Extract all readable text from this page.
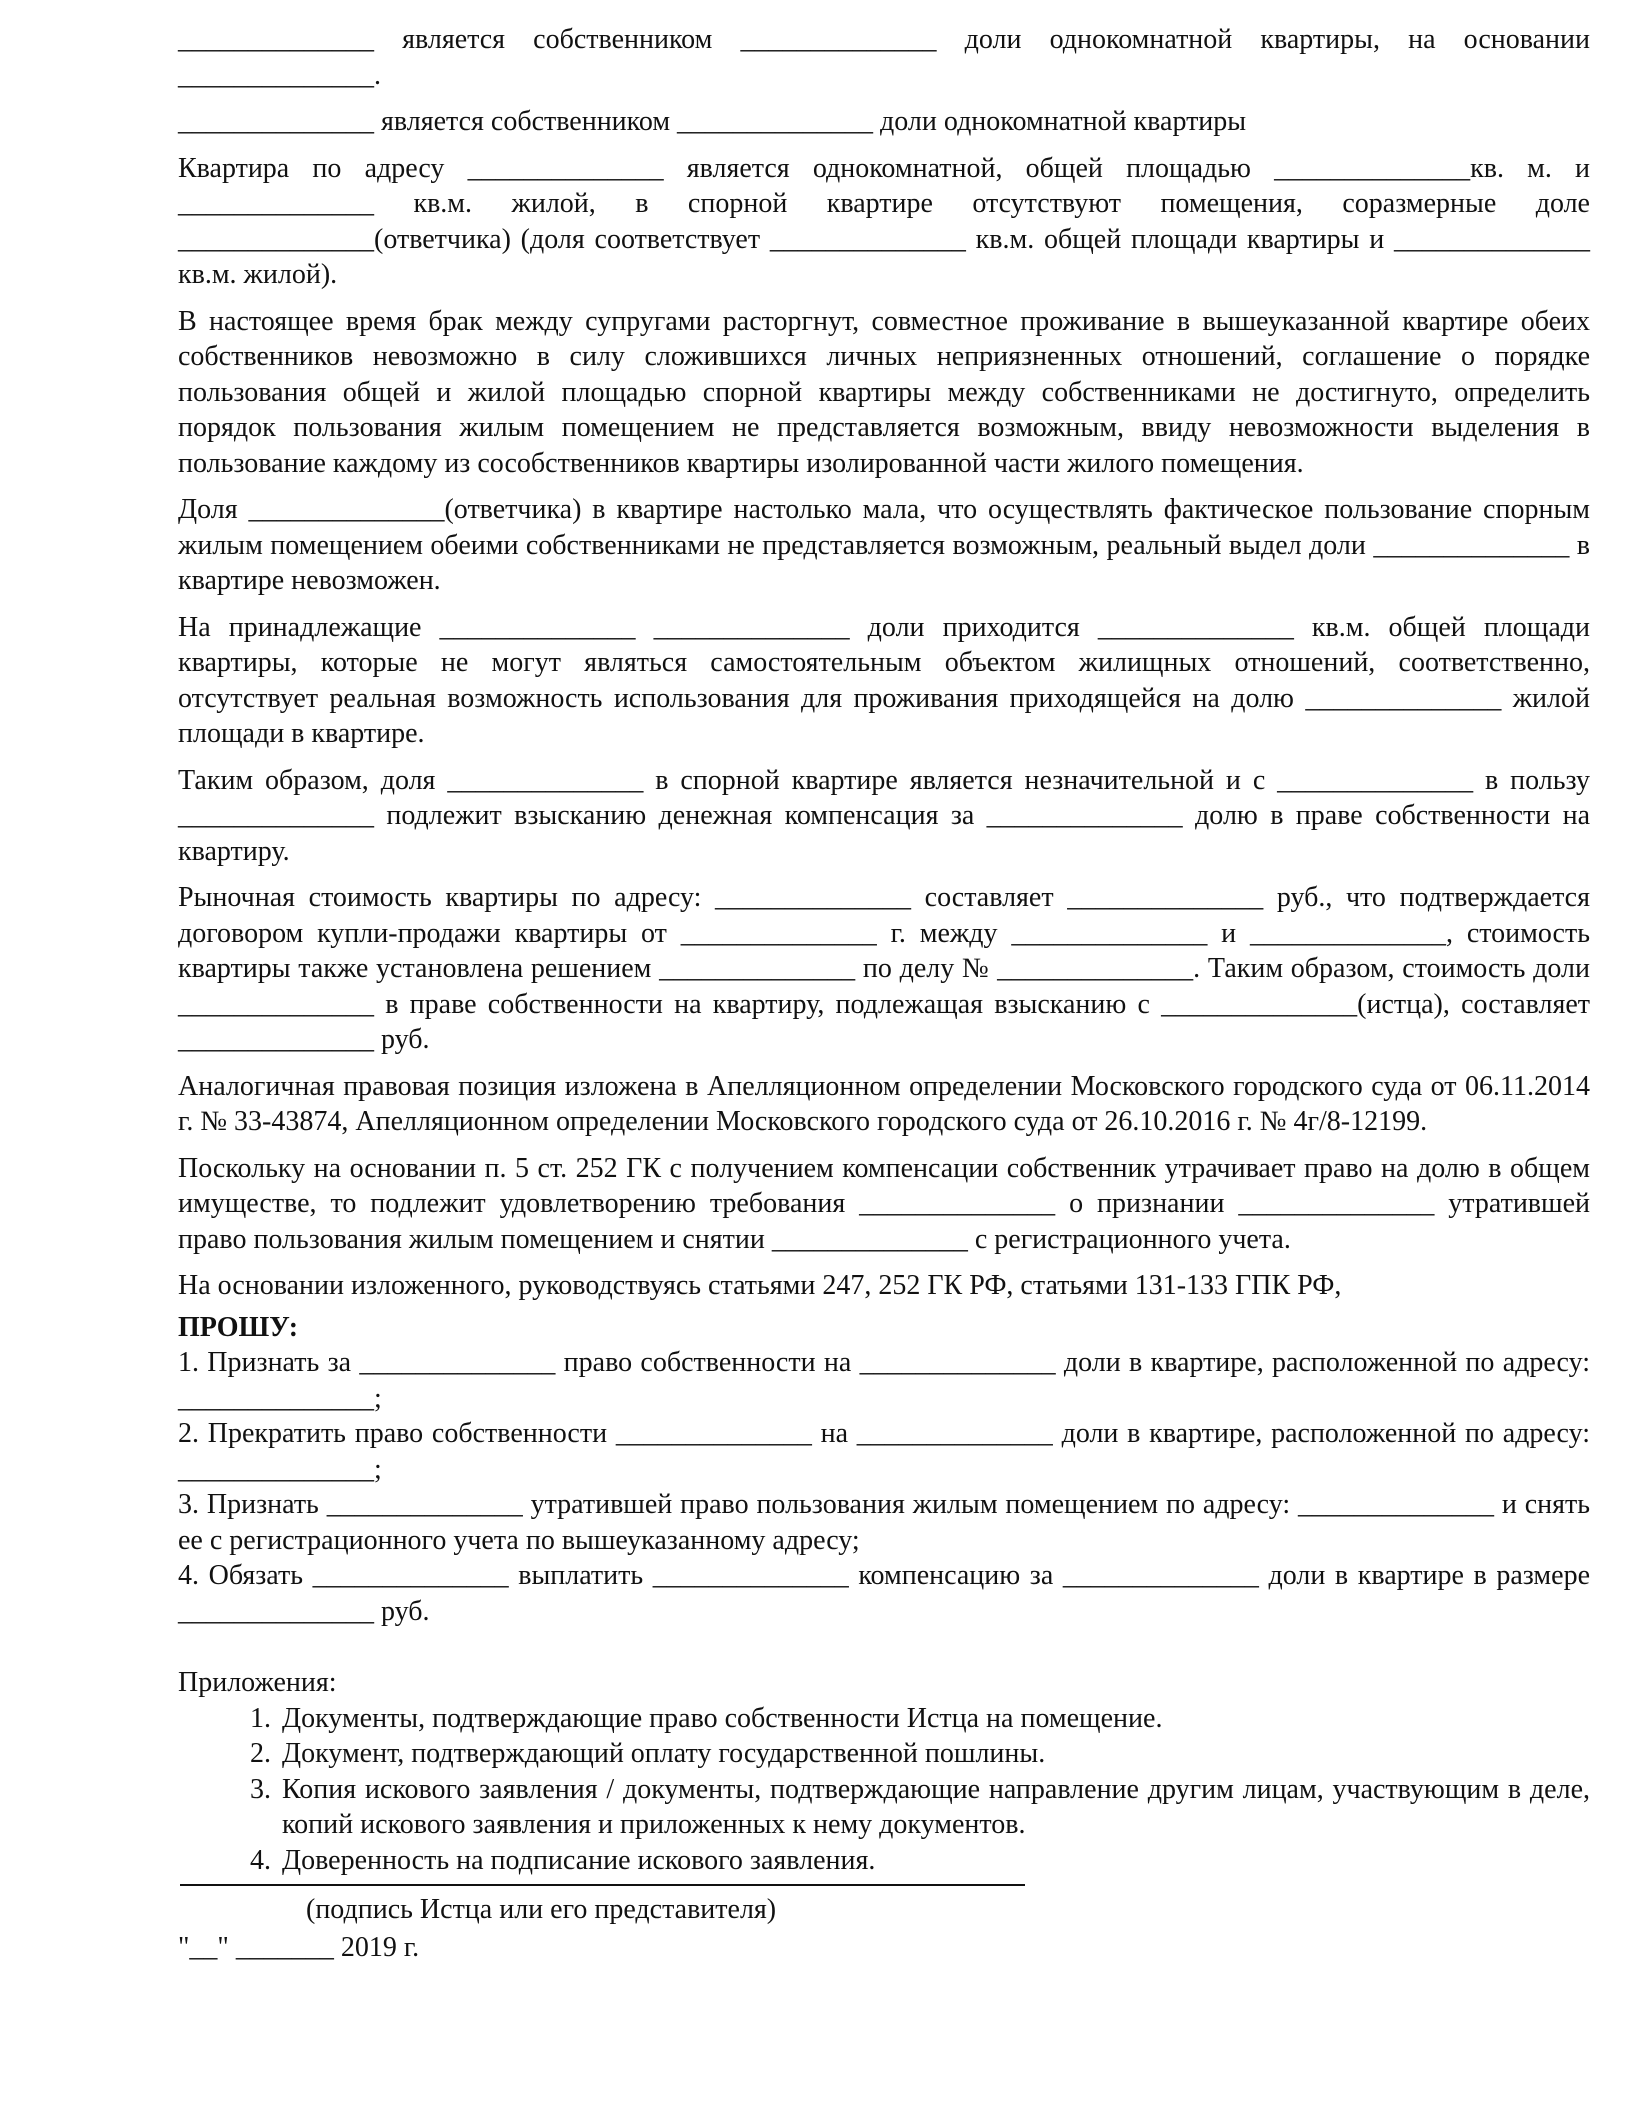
______________ является собственником ______________ доли однокомнатной квартиры, на основании ______________.

______________ является собственником ______________ доли однокомнатной квартиры

Квартира по адресу ______________ является однокомнатной, общей площадью ______________кв. м. и ______________ кв.м. жилой, в спорной квартире отсутствуют помещения, соразмерные доле ______________(ответчика) (доля соответствует ______________ кв.м. общей площади квартиры и ______________ кв.м. жилой).

В настоящее время брак между супругами расторгнут, совместное проживание в вышеуказанной квартире обеих собственников невозможно в силу сложившихся личных неприязненных отношений, соглашение о порядке пользования общей и жилой площадью спорной квартиры между собственниками не достигнуто, определить порядок пользования жилым помещением не представляется возможным, ввиду невозможности выделения в пользование каждому из сособственников квартиры изолированной части жилого помещения.

Доля ______________(ответчика) в квартире настолько мала, что осуществлять фактическое пользование спорным жилым помещением обеими собственниками не представляется возможным, реальный выдел доли ______________ в квартире невозможен.

На принадлежащие ______________ ______________ доли приходится ______________ кв.м. общей площади квартиры, которые не могут являться самостоятельным объектом жилищных отношений, соответственно, отсутствует реальная возможность использования для проживания приходящейся на долю ______________ жилой площади в квартире.

Таким образом, доля ______________ в спорной квартире является незначительной и с ______________ в пользу ______________ подлежит взысканию денежная компенсация за ______________ долю в праве собственности на квартиру.

Рыночная стоимость квартиры по адресу: ______________ составляет ______________ руб., что подтверждается договором купли-продажи квартиры от ______________ г. между ______________ и ______________, стоимость квартиры также установлена решением ______________ по делу № ______________. Таким образом, стоимость доли ______________ в праве собственности на квартиру, подлежащая взысканию с ______________(истца), составляет ______________ руб.

Аналогичная правовая позиция изложена в Апелляционном определении Московского городского суда от 06.11.2014 г. № 33-43874, Апелляционном определении Московского городского суда от 26.10.2016 г. № 4г/8-12199.

Поскольку на основании п. 5 ст. 252 ГК с получением компенсации собственник утрачивает право на долю в общем имуществе, то подлежит удовлетворению требования ______________ о признании ______________ утратившей право пользования жилым помещением и снятии ______________ с регистрационного учета.

На основании изложенного, руководствуясь статьями 247, 252 ГК РФ, статьями 131-133 ГПК РФ,

ПРОШУ:

1. Признать за ______________ право собственности на ______________ доли в квартире, расположенной по адресу: ______________;

2. Прекратить право собственности ______________ на ______________ доли в квартире, расположенной по адресу: ______________;

3. Признать ______________ утратившей право пользования жилым помещением по адресу: ______________ и снять ее с регистрационного учета по вышеуказанному адресу;

4. Обязать ______________ выплатить ______________ компенсацию за ______________ доли в квартире в размере ______________ руб.

Приложения:

1. Документы, подтверждающие право собственности Истца на помещение.
2. Документ, подтверждающий оплату государственной пошлины.
3. Копия искового заявления / документы, подтверждающие направление другим лицам, участвующим в деле, копий искового заявления и приложенных к нему документов.
4. Доверенность на подписание искового заявления.
(подпись Истца или его представителя)
"__" _______ 2019 г.
